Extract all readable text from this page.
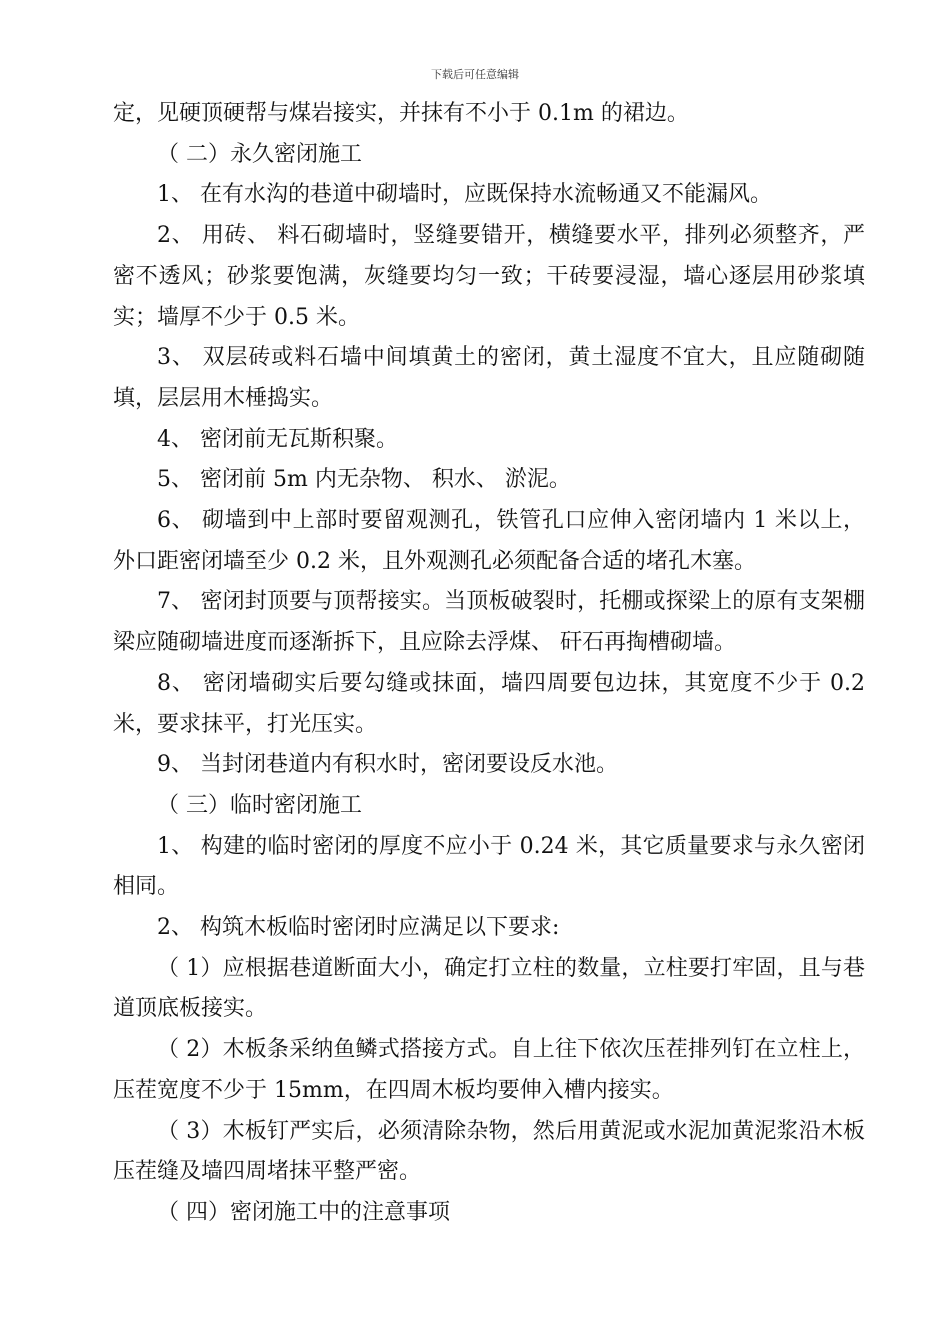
下载后可任意编辑

定，见硬顶硬帮与煤岩接实，并抹有不小于 0.1m 的裙边。

（ 二）永久密闭施工

1、 在有水沟的巷道中砌墙时，应既保持水流畅通又不能漏风。

2、 用砖、 料石砌墙时，竖缝要错开，横缝要水平，排列必须整齐，严密不透风；砂浆要饱满，灰缝要均匀一致；干砖要浸湿，墙心逐层用砂浆填实；墙厚不少于 0.5 米。

3、 双层砖或料石墙中间填黄土的密闭，黄土湿度不宜大，且应随砌随填，层层用木棰捣实。

4、 密闭前无瓦斯积聚。

5、 密闭前 5m 内无杂物、 积水、 淤泥。

6、 砌墙到中上部时要留观测孔，铁管孔口应伸入密闭墙内 1 米以上，外口距密闭墙至少 0.2 米，且外观测孔必须配备合适的堵孔木塞。

7、 密闭封顶要与顶帮接实。当顶板破裂时，托棚或探梁上的原有支架棚梁应随砌墙进度而逐渐拆下，且应除去浮煤、 矸石再掏槽砌墙。

8、 密闭墙砌实后要勾缝或抹面，墙四周要包边抹，其宽度不少于 0.2 米，要求抹平，打光压实。

9、 当封闭巷道内有积水时，密闭要设反水池。

（ 三）临时密闭施工

1、 构建的临时密闭的厚度不应小于 0.24 米，其它质量要求与永久密闭相同。

2、 构筑木板临时密闭时应满足以下要求:

（ 1）应根据巷道断面大小，确定打立柱的数量，立柱要打牢固，且与巷道顶底板接实。

（ 2）木板条采纳鱼鳞式搭接方式。自上往下依次压茬排列钉在立柱上，压茬宽度不少于 15mm，在四周木板均要伸入槽内接实。

（ 3）木板钉严实后，必须清除杂物，然后用黄泥或水泥加黄泥浆沿木板压茬缝及墙四周堵抹平整严密。

（ 四）密闭施工中的注意事项
